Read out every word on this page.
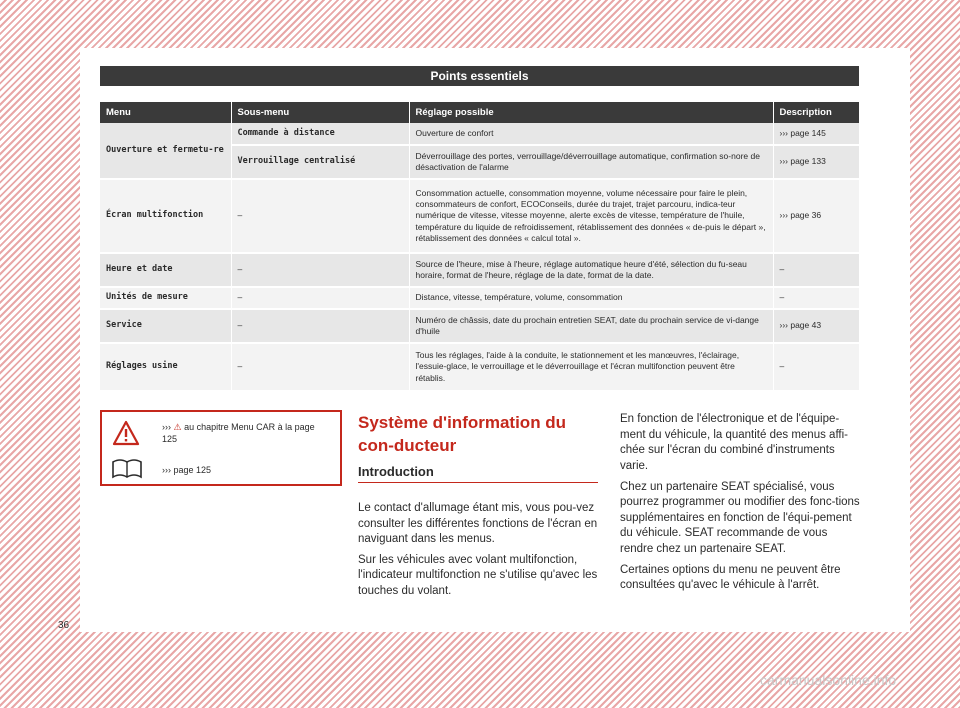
Points essentiels
Menu	Sous-menu	Réglage possible	Description
Ouverture et fermetu-re	Commande à distance	Ouverture de confort	››› page 145
	Verrouillage centralisé	Déverrouillage des portes, verrouillage/déverrouillage automatique, confirmation so-nore de désactivation de l'alarme	››› page 133
Écran multifonction	–	Consommation actuelle, consommation moyenne, volume nécessaire pour faire le plein, consommateurs de confort, ECOConseils, durée du trajet, trajet parcouru, indica-teur numérique de vitesse, vitesse moyenne, alerte excès de vitesse, température de l'huile, température du liquide de refroidissement, rétablissement des données « de-puis le départ », rétablissement des données « calcul total ».	››› page 36
Heure et date	–	Source de l'heure, mise à l'heure, réglage automatique heure d'été, sélection du fu-seau horaire, format de l'heure, réglage de la date, format de la date.	–
Unités de mesure	–	Distance, vitesse, température, volume, consommation	–
Service	–	Numéro de châssis, date du prochain entretien SEAT, date du prochain service de vi-dange d'huile	››› page 43
Réglages usine	–	Tous les réglages, l'aide à la conduite, le stationnement et les manœuvres, l'éclairage, l'essuie-glace, le verrouillage et le déverrouillage et l'écran multifonction peuvent être rétablis.	–
››› ⚠ au chapitre Menu CAR à la page 125
››› page 125
Système d'information du con-ducteur
Introduction

Le contact d'allumage étant mis, vous pou-vez consulter les différentes fonctions de l'écran en naviguant dans les menus.

Sur les véhicules avec volant multifonction, l'indicateur multifonction ne s'utilise qu'avec les touches du volant.

En fonction de l'électronique et de l'équipe-ment du véhicule, la quantité des menus affi-chée sur l'écran du combiné d'instruments varie.

Chez un partenaire SEAT spécialisé, vous pourrez programmer ou modifier des fonc-tions supplémentaires en fonction de l'équi-pement du véhicule. SEAT recommande de vous rendre chez un partenaire SEAT.

Certaines options du menu ne peuvent être consultées qu'avec le véhicule à l'arrêt.

36
carmanualsonline.info
